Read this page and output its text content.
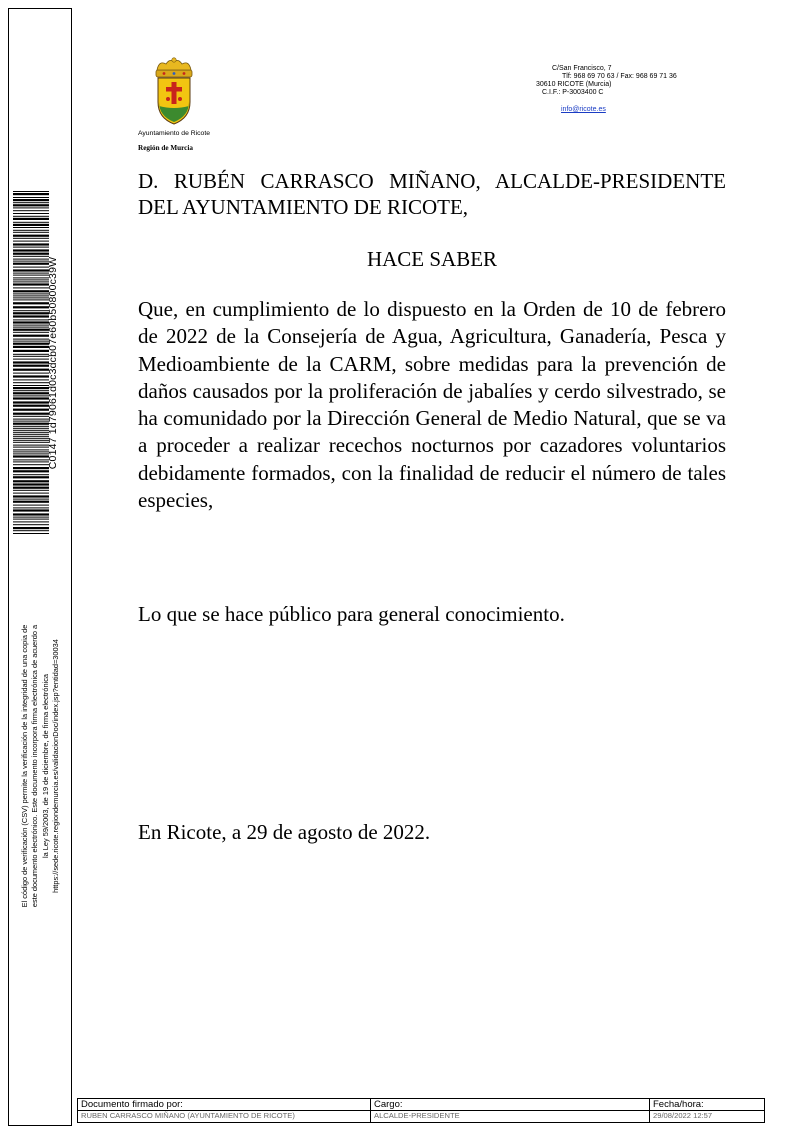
C0147 1d79061d0c3dcb07e60b50800c39W
El código de verificación (CSV) permite la verificación de la integridad de una copia de este documento electrónico. Este documento incorpora firma electrónica de acuerdo a la Ley 59/2003, de 19 de diciembre, de firma electrónica https://sede.ricote.regiondemurcia.es/validacionDoc/index.jsp?entidad=30034
Ayuntamiento de Ricote
Región de Murcia
C/San Francisco, 7
Tlf: 968 69 70 63 / Fax: 968 69 71 36
30610 RICOTE (Murcia)
C.I.F.: P-3003400 C
info@ricote.es

D. RUBÉN CARRASCO MIÑANO, ALCALDE-PRESIDENTE DEL AYUNTAMIENTO DE RICOTE,

HACE SABER

Que, en cumplimiento de lo dispuesto en la Orden de 10 de febrero de 2022 de la Consejería de Agua, Agricultura, Ganadería, Pesca y Medioambiente de la CARM, sobre medidas para la prevención de daños causados por la proliferación de jabalíes y cerdo silvestrado, se ha comunidado por la Dirección General de Medio Natural, que se va a proceder a realizar recechos nocturnos por cazadores voluntarios debidamente formados, con la finalidad de reducir el número de tales especies,

Lo que se hace público para general conocimiento.
En Ricote, a 29 de agosto de 2022.
Documento firmado por:	Cargo:	Fecha/hora:
RUBEN CARRASCO MIÑANO (AYUNTAMIENTO DE RICOTE)	ALCALDE-PRESIDENTE	29/08/2022 12:57
